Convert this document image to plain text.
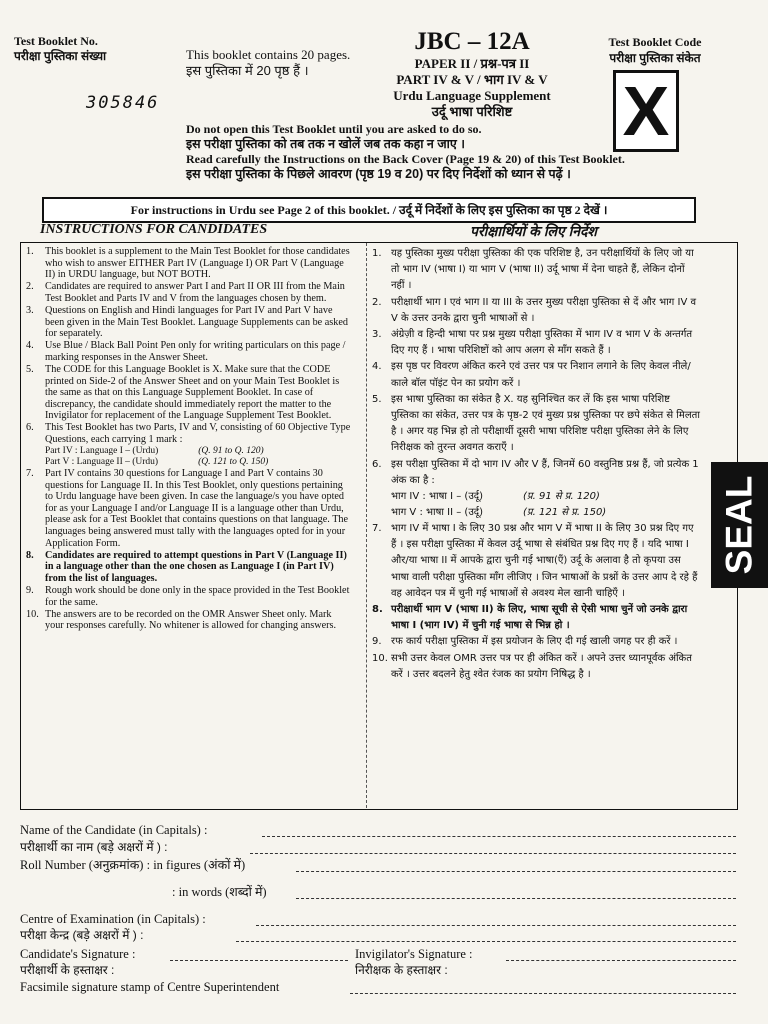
Test Booklet No.
परीक्षा पुस्तिका संख्या
305846
This booklet contains 20 pages.
इस पुस्तिका में 20 पृष्ठ हैं ।
JBC – 12A
PAPER II / प्रश्न-पत्र II
PART IV & V / भाग IV & V
Urdu Language Supplement
उर्दू भाषा परिशिष्ट
Test Booklet Code
परीक्षा पुस्तिका संकेत
X
Do not open this Test Booklet until you are asked to do so.
इस परीक्षा पुस्तिका को तब तक न खोलें जब तक कहा न जाए ।
Read carefully the Instructions on the Back Cover (Page 19 & 20) of this Test Booklet.
इस परीक्षा पुस्तिका के पिछले आवरण (पृष्ठ 19 व 20) पर दिए निर्देशों को ध्यान से पढ़ें ।
For instructions in Urdu see Page 2 of this booklet. / उर्दू में निर्देशों के लिए इस पुस्तिका का पृष्ठ 2 देखें ।
INSTRUCTIONS FOR CANDIDATES	परीक्षार्थियों के लिए निर्देश
1.	This booklet is a supplement to the Main Test Booklet for those candidates who wish to answer EITHER Part IV (Language I) OR Part V (Language II) in URDU language, but NOT BOTH.
2.	Candidates are required to answer Part I and Part II OR III from the Main Test Booklet and Parts IV and V from the languages chosen by them.
3.	Questions on English and Hindi languages for Part IV and Part V have been given in the Main Test Booklet. Language Supplements can be asked for separately.
4.	Use Blue / Black Ball Point Pen only for writing particulars on this page / marking responses in the Answer Sheet.
5.	The CODE for this Language Booklet is X. Make sure that the CODE printed on Side-2 of the Answer Sheet and on your Main Test Booklet is the same as that on this Language Supplement Booklet. In case of discrepancy, the candidate should immediately report the matter to the Invigilator for replacement of the Language Supplement Test Booklet.
6.	This Test Booklet has two Parts, IV and V, consisting of 60 Objective Type Questions, each carrying 1 mark :
Part IV : Language I – (Urdu)	(Q. 91 to Q. 120)
Part V : Language II – (Urdu)	(Q. 121 to Q. 150)
7.	Part IV contains 30 questions for Language I and Part V contains 30 questions for Language II. In this Test Booklet, only questions pertaining to Urdu language have been given. In case the language/s you have opted for as your Language I and/or Language II is a language other than Urdu, please ask for a Test Booklet that contains questions on that language. The languages being answered must tally with the languages opted for in your Application Form.
8.	Candidates are required to attempt questions in Part V (Language II) in a language other than the one chosen as Language I (in Part IV) from the list of languages.
9.	Rough work should be done only in the space provided in the Test Booklet for the same.
10. The answers are to be recorded on the OMR Answer Sheet only. Mark your responses carefully. No whitener is allowed for changing answers.
1. यह पुस्तिका मुख्य परीक्षा पुस्तिका की एक परिशिष्ट है, उन परीक्षार्थियों के लिए जो या तो भाग IV (भाषा I) या भाग V (भाषा II) उर्दू भाषा में देना चाहते हैं, लेकिन दोनों नहीं ।
2. परीक्षार्थी भाग I एवं भाग II या III के उत्तर मुख्य परीक्षा पुस्तिका से दें और भाग IV व V के उत्तर उनके द्वारा चुनी भाषाओं से ।
3. अंग्रेज़ी व हिन्दी भाषा पर प्रश्न मुख्य परीक्षा पुस्तिका में भाग IV व भाग V के अन्तर्गत दिए गए हैं । भाषा परिशिष्टों को आप अलग से माँग सकते हैं ।
4. इस पृष्ठ पर विवरण अंकित करने एवं उत्तर पत्र पर निशान लगाने के लिए केवल नीले/काले बॉल पॉइंट पेन का प्रयोग करें ।
5. इस भाषा पुस्तिका का संकेत है X. यह सुनिश्चित कर लें कि इस भाषा परिशिष्ट पुस्तिका का संकेत, उत्तर पत्र के पृष्ठ-2 एवं मुख्य प्रश्न पुस्तिका पर छपे संकेत से मिलता है । अगर यह भिन्न हो तो परीक्षार्थी दूसरी भाषा परिशिष्ट परीक्षा पुस्तिका लेने के लिए निरीक्षक को तुरन्त अवगत कराएँ ।
6. इस परीक्षा पुस्तिका में दो भाग IV और V हैं, जिनमें 60 वस्तुनिष्ठ प्रश्न हैं, जो प्रत्येक 1 अंक का है :
भाग IV : भाषा I – (उर्दू)	(प्र. 91 से प्र. 120)
भाग V : भाषा II – (उर्दू)	(प्र. 121 से प्र. 150)
7. भाग IV में भाषा I के लिए 30 प्रश्न और भाग V में भाषा II के लिए 30 प्रश्न दिए गए हैं । इस परीक्षा पुस्तिका में केवल उर्दू भाषा से संबंधित प्रश्न दिए गए हैं । यदि भाषा I और/या भाषा II में आपके द्वारा चुनी गई भाषा(एँ) उर्दू के अलावा है तो कृपया उस भाषा वाली परीक्षा पुस्तिका माँग लीजिए । जिन भाषाओं के प्रश्नों के उत्तर आप दे रहे हैं वह आवेदन पत्र में चुनी गई भाषाओं से अवश्य मेल खानी चाहिएँ ।
8. परीक्षार्थी भाग V (भाषा II) के लिए, भाषा सूची से ऐसी भाषा चुनें जो उनके द्वारा भाषा I (भाग IV) में चुनी गई भाषा से भिन्न हो ।
9. रफ कार्य परीक्षा पुस्तिका में इस प्रयोजन के लिए दी गई खाली जगह पर ही करें ।
10. सभी उत्तर केवल OMR उत्तर पत्र पर ही अंकित करें । अपने उत्तर ध्यानपूर्वक अंकित करें । उत्तर बदलने हेतु श्वेत रंजक का प्रयोग निषिद्ध है ।
SEAL
Name of the Candidate (in Capitals) :
परीक्षार्थी का नाम (बड़े अक्षरों में ) :
Roll Number (अनुक्रमांक) : in figures (अंकों में)
: in words (शब्दों में)
Centre of Examination (in Capitals) :
परीक्षा केन्द्र (बड़े अक्षरों में ) :
Candidate's Signature :
परीक्षार्थी के हस्ताक्षर :
Invigilator's Signature :
निरीक्षक के हस्ताक्षर :
Facsimile signature stamp of Centre Superintendent
